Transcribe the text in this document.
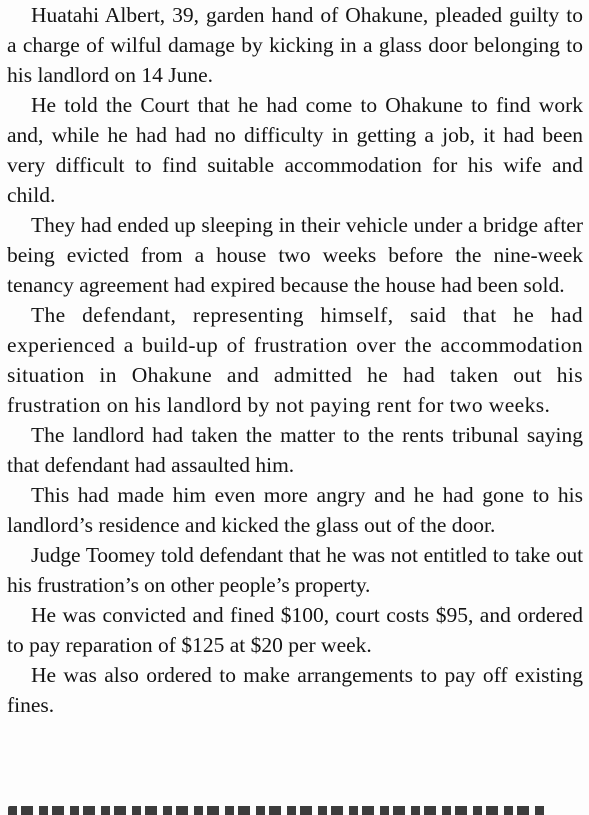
Huatahi Albert, 39, garden hand of Ohakune, pleaded guilty to a charge of wilful damage by kicking in a glass door belonging to his landlord on 14 June.

He told the Court that he had come to Ohakune to find work and, while he had had no difficulty in getting a job, it had been very difficult to find suitable accommodation for his wife and child.

They had ended up sleeping in their vehicle under a bridge after being evicted from a house two weeks before the nine-week tenancy agreement had expired because the house had been sold.

The defendant, representing himself, said that he had experienced a build-up of frustration over the accommodation situation in Ohakune and admitted he had taken out his frustration on his landlord by not paying rent for two weeks.

The landlord had taken the matter to the rents tribunal saying that defendant had assaulted him.

This had made him even more angry and he had gone to his landlord’s residence and kicked the glass out of the door.

Judge Toomey told defendant that he was not entitled to take out his frustration’s on other people’s property.

He was convicted and fined $100, court costs $95, and ordered to pay reparation of $125 at $20 per week.

He was also ordered to make arrangements to pay off existing fines.
